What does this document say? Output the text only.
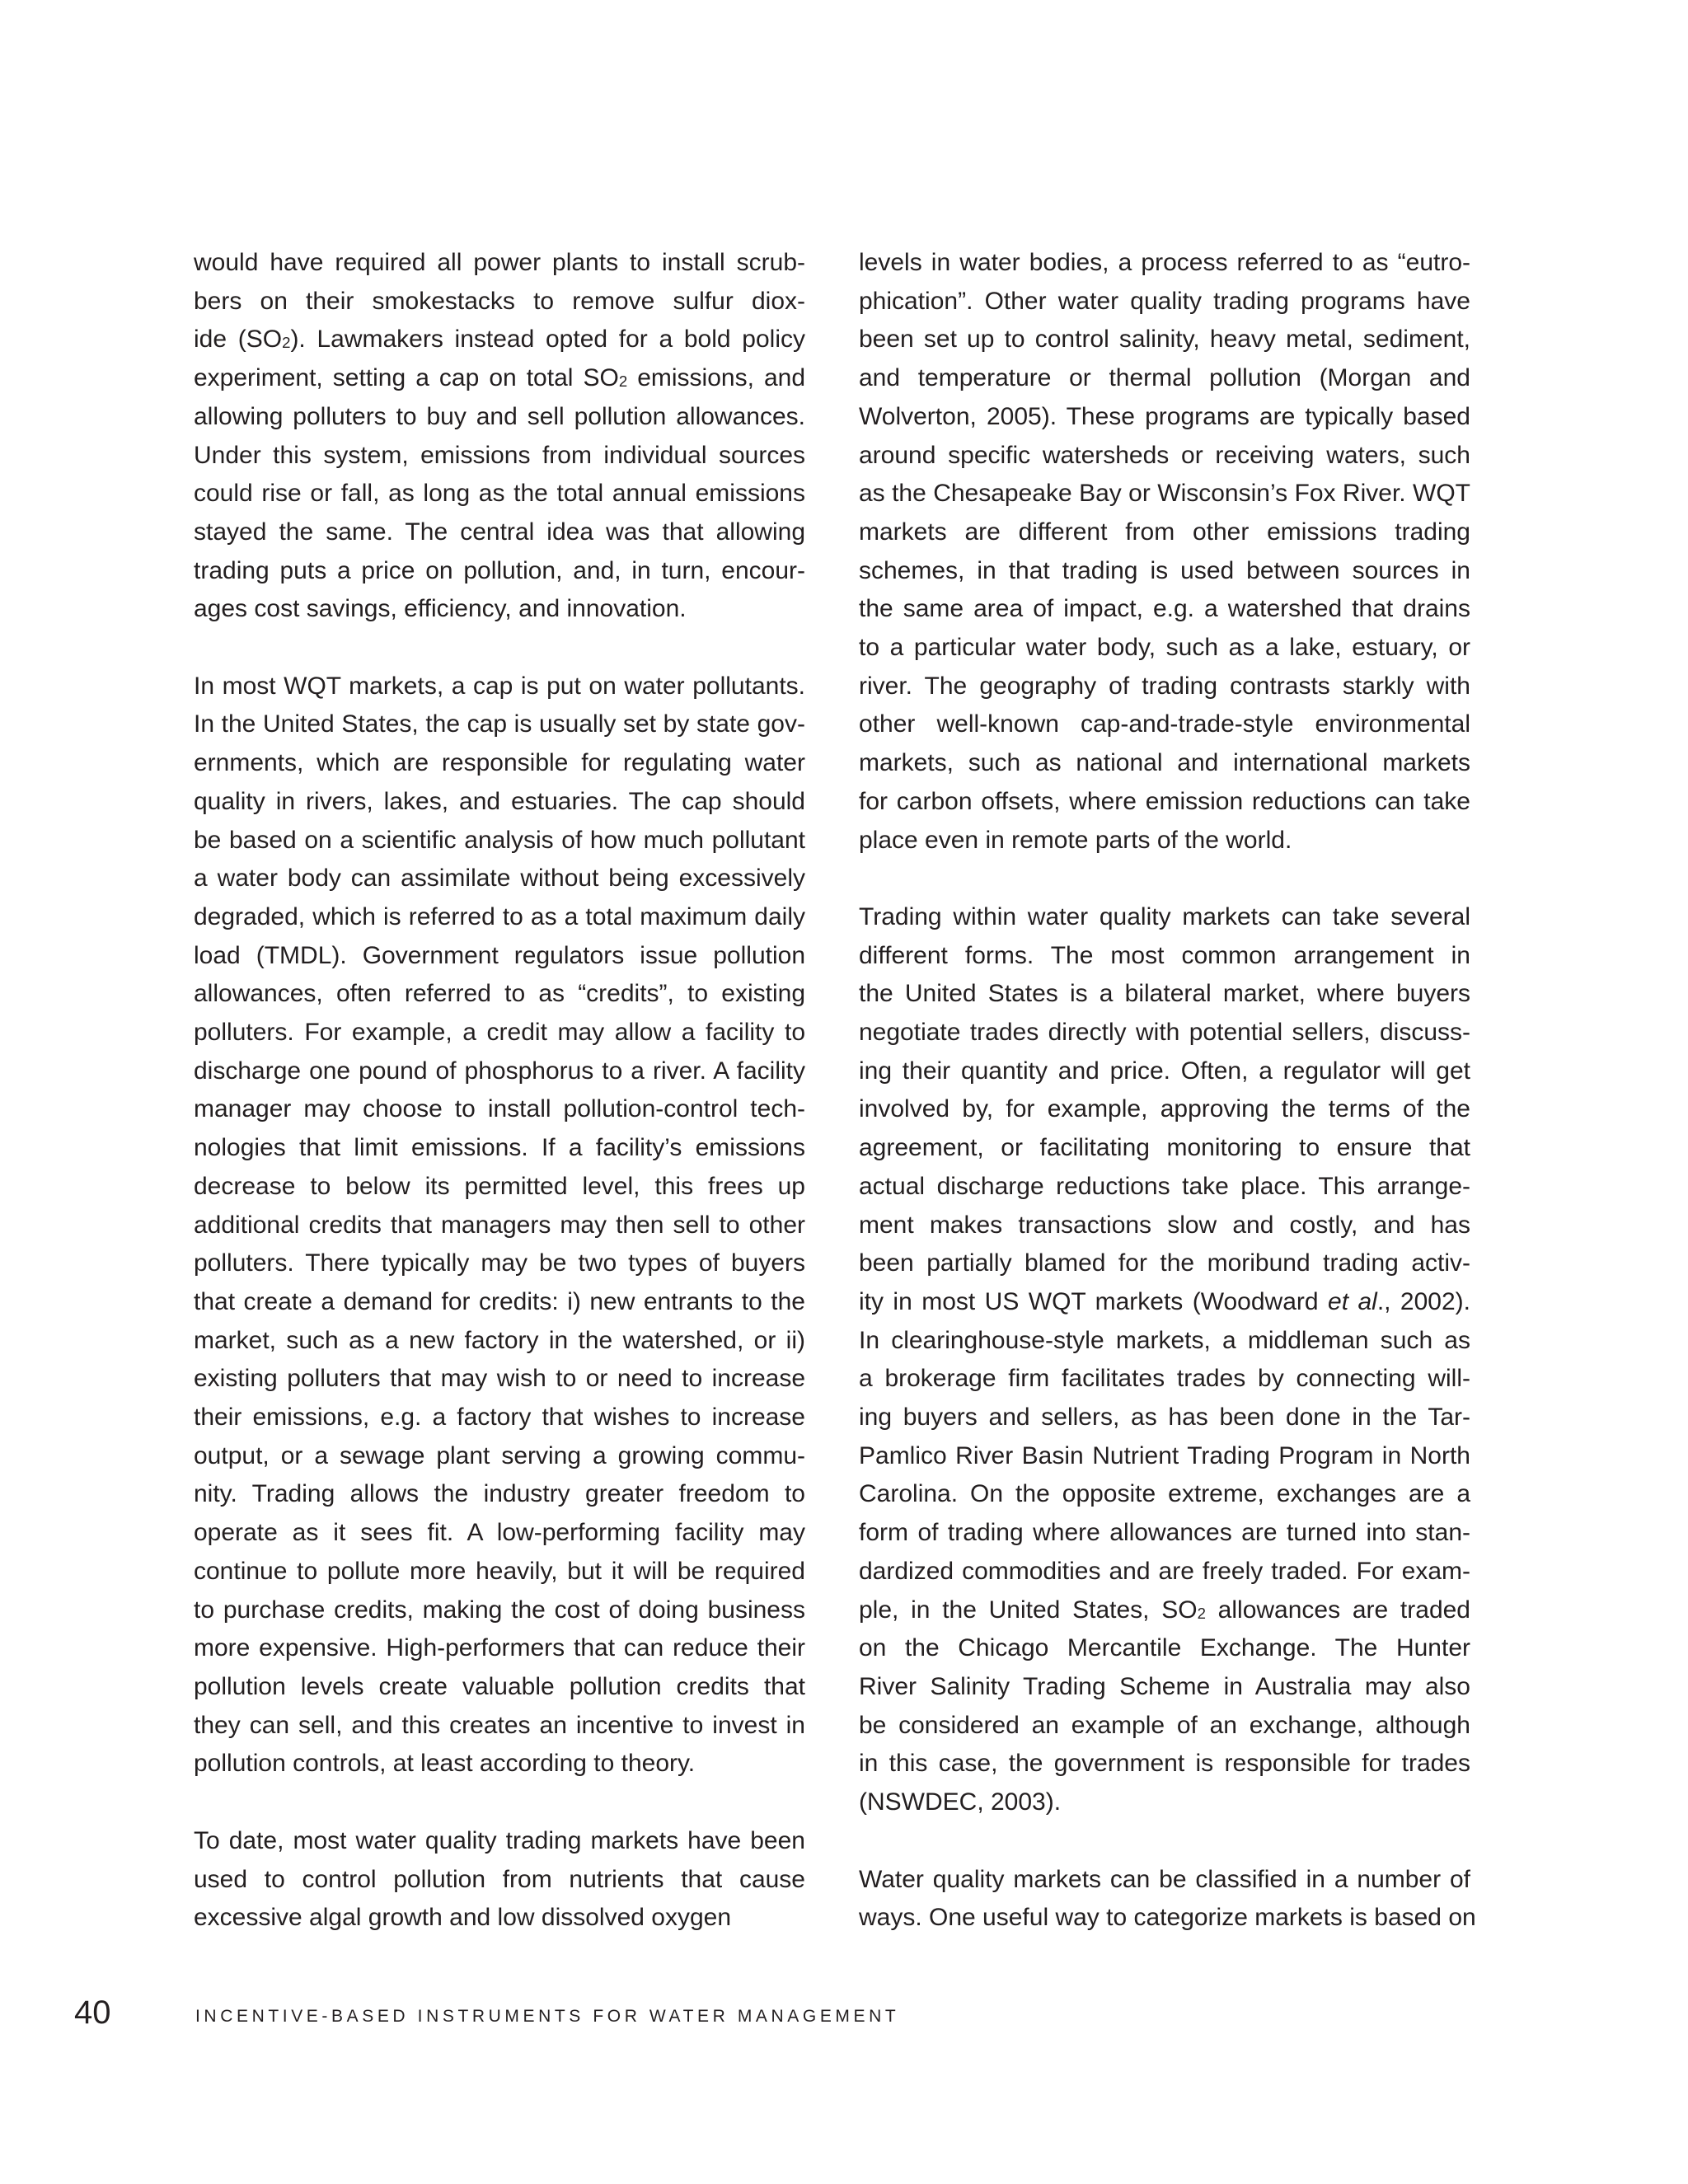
would have required all power plants to install scrub-
bers on their smokestacks to remove sulfur diox-
ide (SO2). Lawmakers instead opted for a bold policy
experiment, setting a cap on total SO2 emissions, and
allowing polluters to buy and sell pollution allowances.
Under this system, emissions from individual sources
could rise or fall, as long as the total annual emissions
stayed the same. The central idea was that allowing
trading puts a price on pollution, and, in turn, encour-
ages cost savings, efficiency, and innovation.

In most WQT markets, a cap is put on water pollutants.
In the United States, the cap is usually set by state gov-
ernments, which are responsible for regulating water
quality in rivers, lakes, and estuaries. The cap should
be based on a scientific analysis of how much pollutant
a water body can assimilate without being excessively
degraded, which is referred to as a total maximum daily
load (TMDL). Government regulators issue pollution
allowances, often referred to as “credits”, to existing
polluters. For example, a credit may allow a facility to
discharge one pound of phosphorus to a river. A facility
manager may choose to install pollution-control tech-
nologies that limit emissions. If a facility’s emissions
decrease to below its permitted level, this frees up
additional credits that managers may then sell to other
polluters. There typically may be two types of buyers
that create a demand for credits: i) new entrants to the
market, such as a new factory in the watershed, or ii)
existing polluters that may wish to or need to increase
their emissions, e.g. a factory that wishes to increase
output, or a sewage plant serving a growing commu-
nity. Trading allows the industry greater freedom to
operate as it sees fit. A low-performing facility may
continue to pollute more heavily, but it will be required
to purchase credits, making the cost of doing business
more expensive. High-performers that can reduce their
pollution levels create valuable pollution credits that
they can sell, and this creates an incentive to invest in
pollution controls, at least according to theory.

To date, most water quality trading markets have been
used to control pollution from nutrients that cause
excessive algal growth and low dissolved oxygen

levels in water bodies, a process referred to as “eutro-
phication”. Other water quality trading programs have
been set up to control salinity, heavy metal, sediment,
and temperature or thermal pollution (Morgan and
Wolverton, 2005). These programs are typically based
around specific watersheds or receiving waters, such
as the Chesapeake Bay or Wisconsin’s Fox River. WQT
markets are different from other emissions trading
schemes, in that trading is used between sources in
the same area of impact, e.g. a watershed that drains
to a particular water body, such as a lake, estuary, or
river. The geography of trading contrasts starkly with
other well-known cap-and-trade-style environmental
markets, such as national and international markets
for carbon offsets, where emission reductions can take
place even in remote parts of the world.

Trading within water quality markets can take several
different forms. The most common arrangement in
the United States is a bilateral market, where buyers
negotiate trades directly with potential sellers, discuss-
ing their quantity and price. Often, a regulator will get
involved by, for example, approving the terms of the
agreement, or facilitating monitoring to ensure that
actual discharge reductions take place. This arrange-
ment makes transactions slow and costly, and has
been partially blamed for the moribund trading activ-
ity in most US WQT markets (Woodward et al., 2002).
In clearinghouse-style markets, a middleman such as
a brokerage firm facilitates trades by connecting will-
ing buyers and sellers, as has been done in the Tar-
Pamlico River Basin Nutrient Trading Program in North
Carolina. On the opposite extreme, exchanges are a
form of trading where allowances are turned into stan-
dardized commodities and are freely traded. For exam-
ple, in the United States, SO2 allowances are traded
on the Chicago Mercantile Exchange. The Hunter
River Salinity Trading Scheme in Australia may also
be considered an example of an exchange, although
in this case, the government is responsible for trades
(NSWDEC, 2003).

Water quality markets can be classified in a number of
ways. One useful way to categorize markets is based on

40	INCENTIVE-BASED INSTRUMENTS FOR WATER MANAGEMENT
